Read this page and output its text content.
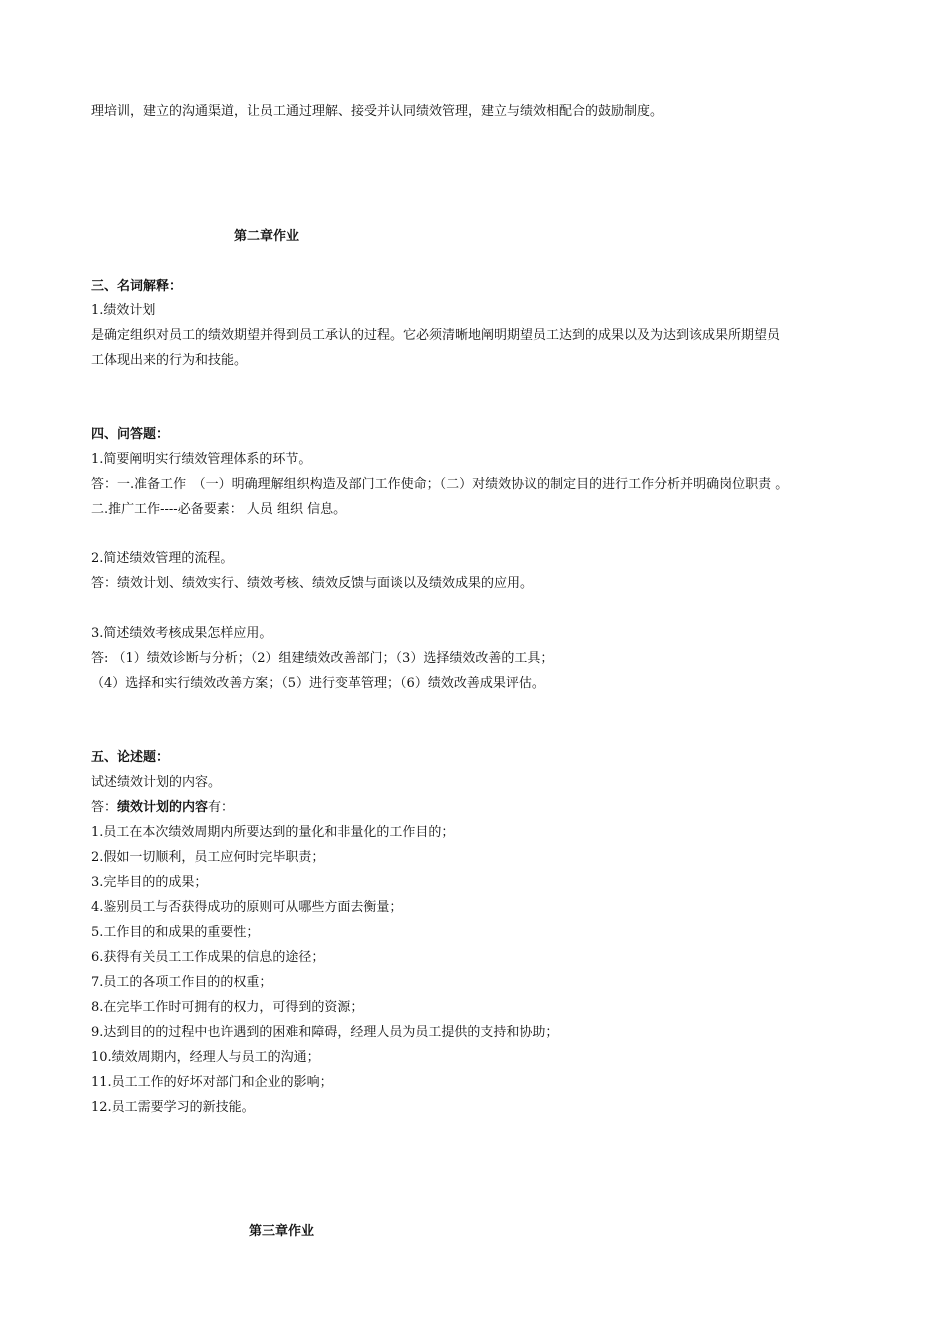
理培训，建立的沟通渠道，让员工通过理解、接受并认同绩效管理，建立与绩效相配合的鼓励制度。
第二章作业
三、名词解释：
1.绩效计划
是确定组织对员工的绩效期望并得到员工承认的过程。它必须清晰地阐明期望员工达到的成果以及为达到该成果所期望员
工体现出来的行为和技能。
四、问答题：
1.简要阐明实行绩效管理体系的环节。
答：一.准备工作　（一）明确理解组织构造及部门工作使命；（二）对绩效协议的制定目的进行工作分析并明确岗位职责 。
二.推广工作----必备要素： 人员 组织 信息。
2.简述绩效管理的流程。
答：绩效计划、绩效实行、绩效考核、绩效反馈与面谈以及绩效成果的应用。
3.简述绩效考核成果怎样应用。
答: （1）绩效诊断与分析；（2）组建绩效改善部门；（3）选择绩效改善的工具；
（4）选择和实行绩效改善方案；（5）进行变革管理；（6）绩效改善成果评估。
五、论述题：
试述绩效计划的内容。
答：绩效计划的内容有：
1.员工在本次绩效周期内所要达到的量化和非量化的工作目的；
2.假如一切顺利，员工应何时完毕职责；
3.完毕目的的成果；
4.鉴别员工与否获得成功的原则可从哪些方面去衡量；
5.工作目的和成果的重要性；
6.获得有关员工工作成果的信息的途径；
7.员工的各项工作目的的权重；
8.在完毕工作时可拥有的权力，可得到的资源；
9.达到目的的过程中也许遇到的困难和障碍，经理人员为员工提供的支持和协助；
10.绩效周期内，经理人与员工的沟通；
11.员工工作的好坏对部门和企业的影响；
12.员工需要学习的新技能。
第三章作业
